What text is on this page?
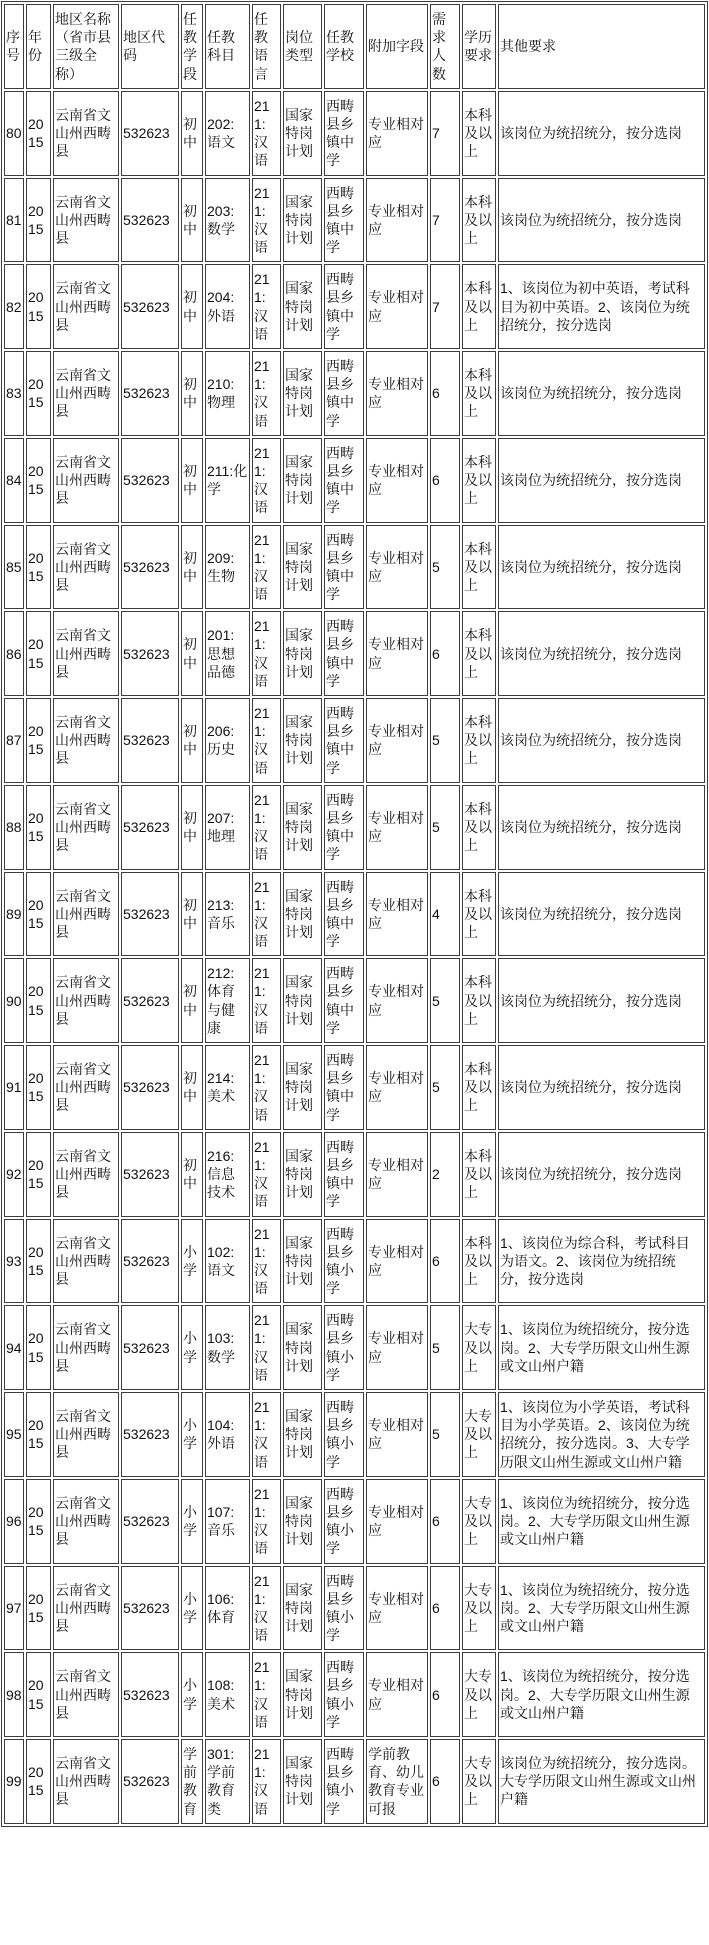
序号	年份	地区名称（省市县三级全称）	地区代码	任教学段	任教科目	任教语言	岗位类型	任教学校	附加字段	需求人数	学历要求	其他要求
80	2015	云南省文山州西畴县	532623	初中	202:语文	211:汉语	国家特岗计划	西畴县乡镇中学	专业相对应	7	本科及以上	该岗位为统招统分，按分选岗
81	2015	云南省文山州西畴县	532623	初中	203:数学	211:汉语	国家特岗计划	西畴县乡镇中学	专业相对应	7	本科及以上	该岗位为统招统分，按分选岗
82	2015	云南省文山州西畴县	532623	初中	204:外语	211:汉语	国家特岗计划	西畴县乡镇中学	专业相对应	7	本科及以上	1、该岗位为初中英语，考试科目为初中英语。2、该岗位为统招统分，按分选岗
83	2015	云南省文山州西畴县	532623	初中	210:物理	211:汉语	国家特岗计划	西畴县乡镇中学	专业相对应	6	本科及以上	该岗位为统招统分，按分选岗
84	2015	云南省文山州西畴县	532623	初中	211:化学	211:汉语	国家特岗计划	西畴县乡镇中学	专业相对应	6	本科及以上	该岗位为统招统分，按分选岗
85	2015	云南省文山州西畴县	532623	初中	209:生物	211:汉语	国家特岗计划	西畴县乡镇中学	专业相对应	5	本科及以上	该岗位为统招统分，按分选岗
86	2015	云南省文山州西畴县	532623	初中	201:思想品德	211:汉语	国家特岗计划	西畴县乡镇中学	专业相对应	6	本科及以上	该岗位为统招统分，按分选岗
87	2015	云南省文山州西畴县	532623	初中	206:历史	211:汉语	国家特岗计划	西畴县乡镇中学	专业相对应	5	本科及以上	该岗位为统招统分，按分选岗
88	2015	云南省文山州西畴县	532623	初中	207:地理	211:汉语	国家特岗计划	西畴县乡镇中学	专业相对应	5	本科及以上	该岗位为统招统分，按分选岗
89	2015	云南省文山州西畴县	532623	初中	213:音乐	211:汉语	国家特岗计划	西畴县乡镇中学	专业相对应	4	本科及以上	该岗位为统招统分，按分选岗
90	2015	云南省文山州西畴县	532623	初中	212:体育与健康	211:汉语	国家特岗计划	西畴县乡镇中学	专业相对应	5	本科及以上	该岗位为统招统分，按分选岗
91	2015	云南省文山州西畴县	532623	初中	214:美术	211:汉语	国家特岗计划	西畴县乡镇中学	专业相对应	5	本科及以上	该岗位为统招统分，按分选岗
92	2015	云南省文山州西畴县	532623	初中	216:信息技术	211:汉语	国家特岗计划	西畴县乡镇中学	专业相对应	2	本科及以上	该岗位为统招统分，按分选岗
93	2015	云南省文山州西畴县	532623	小学	102:语文	211:汉语	国家特岗计划	西畴县乡镇小学	专业相对应	6	本科及以上	1、该岗位为综合科，考试科目为语文。2、该岗位为统招统分，按分选岗
94	2015	云南省文山州西畴县	532623	小学	103:数学	211:汉语	国家特岗计划	西畴县乡镇小学	专业相对应	5	大专及以上	1、该岗位为统招统分，按分选岗。2、大专学历限文山州生源或文山州户籍
95	2015	云南省文山州西畴县	532623	小学	104:外语	211:汉语	国家特岗计划	西畴县乡镇小学	专业相对应	5	大专及以上	1、该岗位为小学英语，考试科目为小学英语。2、该岗位为统招统分，按分选岗。3、大专学历限文山州生源或文山州户籍
96	2015	云南省文山州西畴县	532623	小学	107:音乐	211:汉语	国家特岗计划	西畴县乡镇小学	专业相对应	6	大专及以上	1、该岗位为统招统分，按分选岗。2、大专学历限文山州生源或文山州户籍
97	2015	云南省文山州西畴县	532623	小学	106:体育	211:汉语	国家特岗计划	西畴县乡镇小学	专业相对应	6	大专及以上	1、该岗位为统招统分，按分选岗。2、大专学历限文山州生源或文山州户籍
98	2015	云南省文山州西畴县	532623	小学	108:美术	211:汉语	国家特岗计划	西畴县乡镇小学	专业相对应	6	大专及以上	1、该岗位为统招统分，按分选岗。2、大专学历限文山州生源或文山州户籍
99	2015	云南省文山州西畴县	532623	学前教育	301:学前教育类	211:汉语	国家特岗计划	西畴县乡镇小学	学前教育、幼儿教育专业可报	6	大专及以上	该岗位为统招统分，按分选岗。大专学历限文山州生源或文山州户籍
